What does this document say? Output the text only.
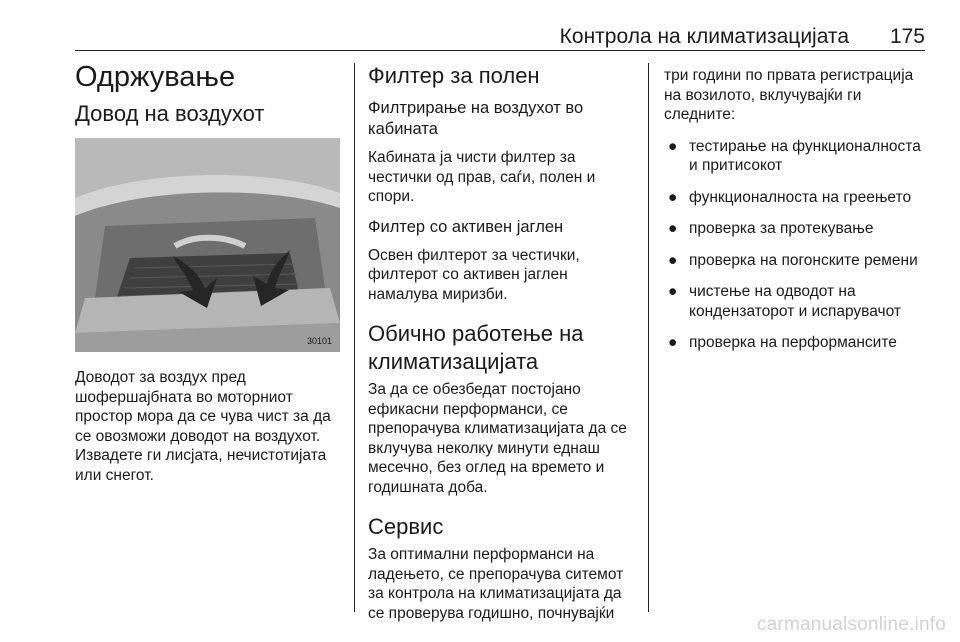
Контрола на климатизацијата 175
Одржување
Довод на воздухот
30101

Доводот за воздух пред шофершајбната во моторниот простор мора да се чува чист за да се овозможи доводот на воздухот. Извадете ги лисјата, нечистотијата или снегот.

Филтер за полен
Филтрирање на воздухот во кабината

Кабината ја чисти филтер за честички од прав, саѓи, полен и спори.

Филтер со активен јаглен

Освен филтерот за честички, филтерот со активен јаглен намалува миризби.

Обично работење на климатизацијата

За да се обезбедат постојано ефикасни перформанси, се препорачува климатизацијата да се вклучува неколку минути еднаш месечно, без оглед на времето и годишната доба.

Сервис

За оптимални перформанси на ладењето, се препорачува ситемот за контрола на климатизацијата да се проверува годишно, почнувајќи

три години по првата регистрација на возилото, вклучувајќи ги следните:

● тестирање на функционалноста и притисокот
● функционалноста на греењето
● проверка за протекување
● проверка на погонските ремени
● чистење на одводот на кондензаторот и испарувачот
● проверка на перформансите
carmanualsonline.info
